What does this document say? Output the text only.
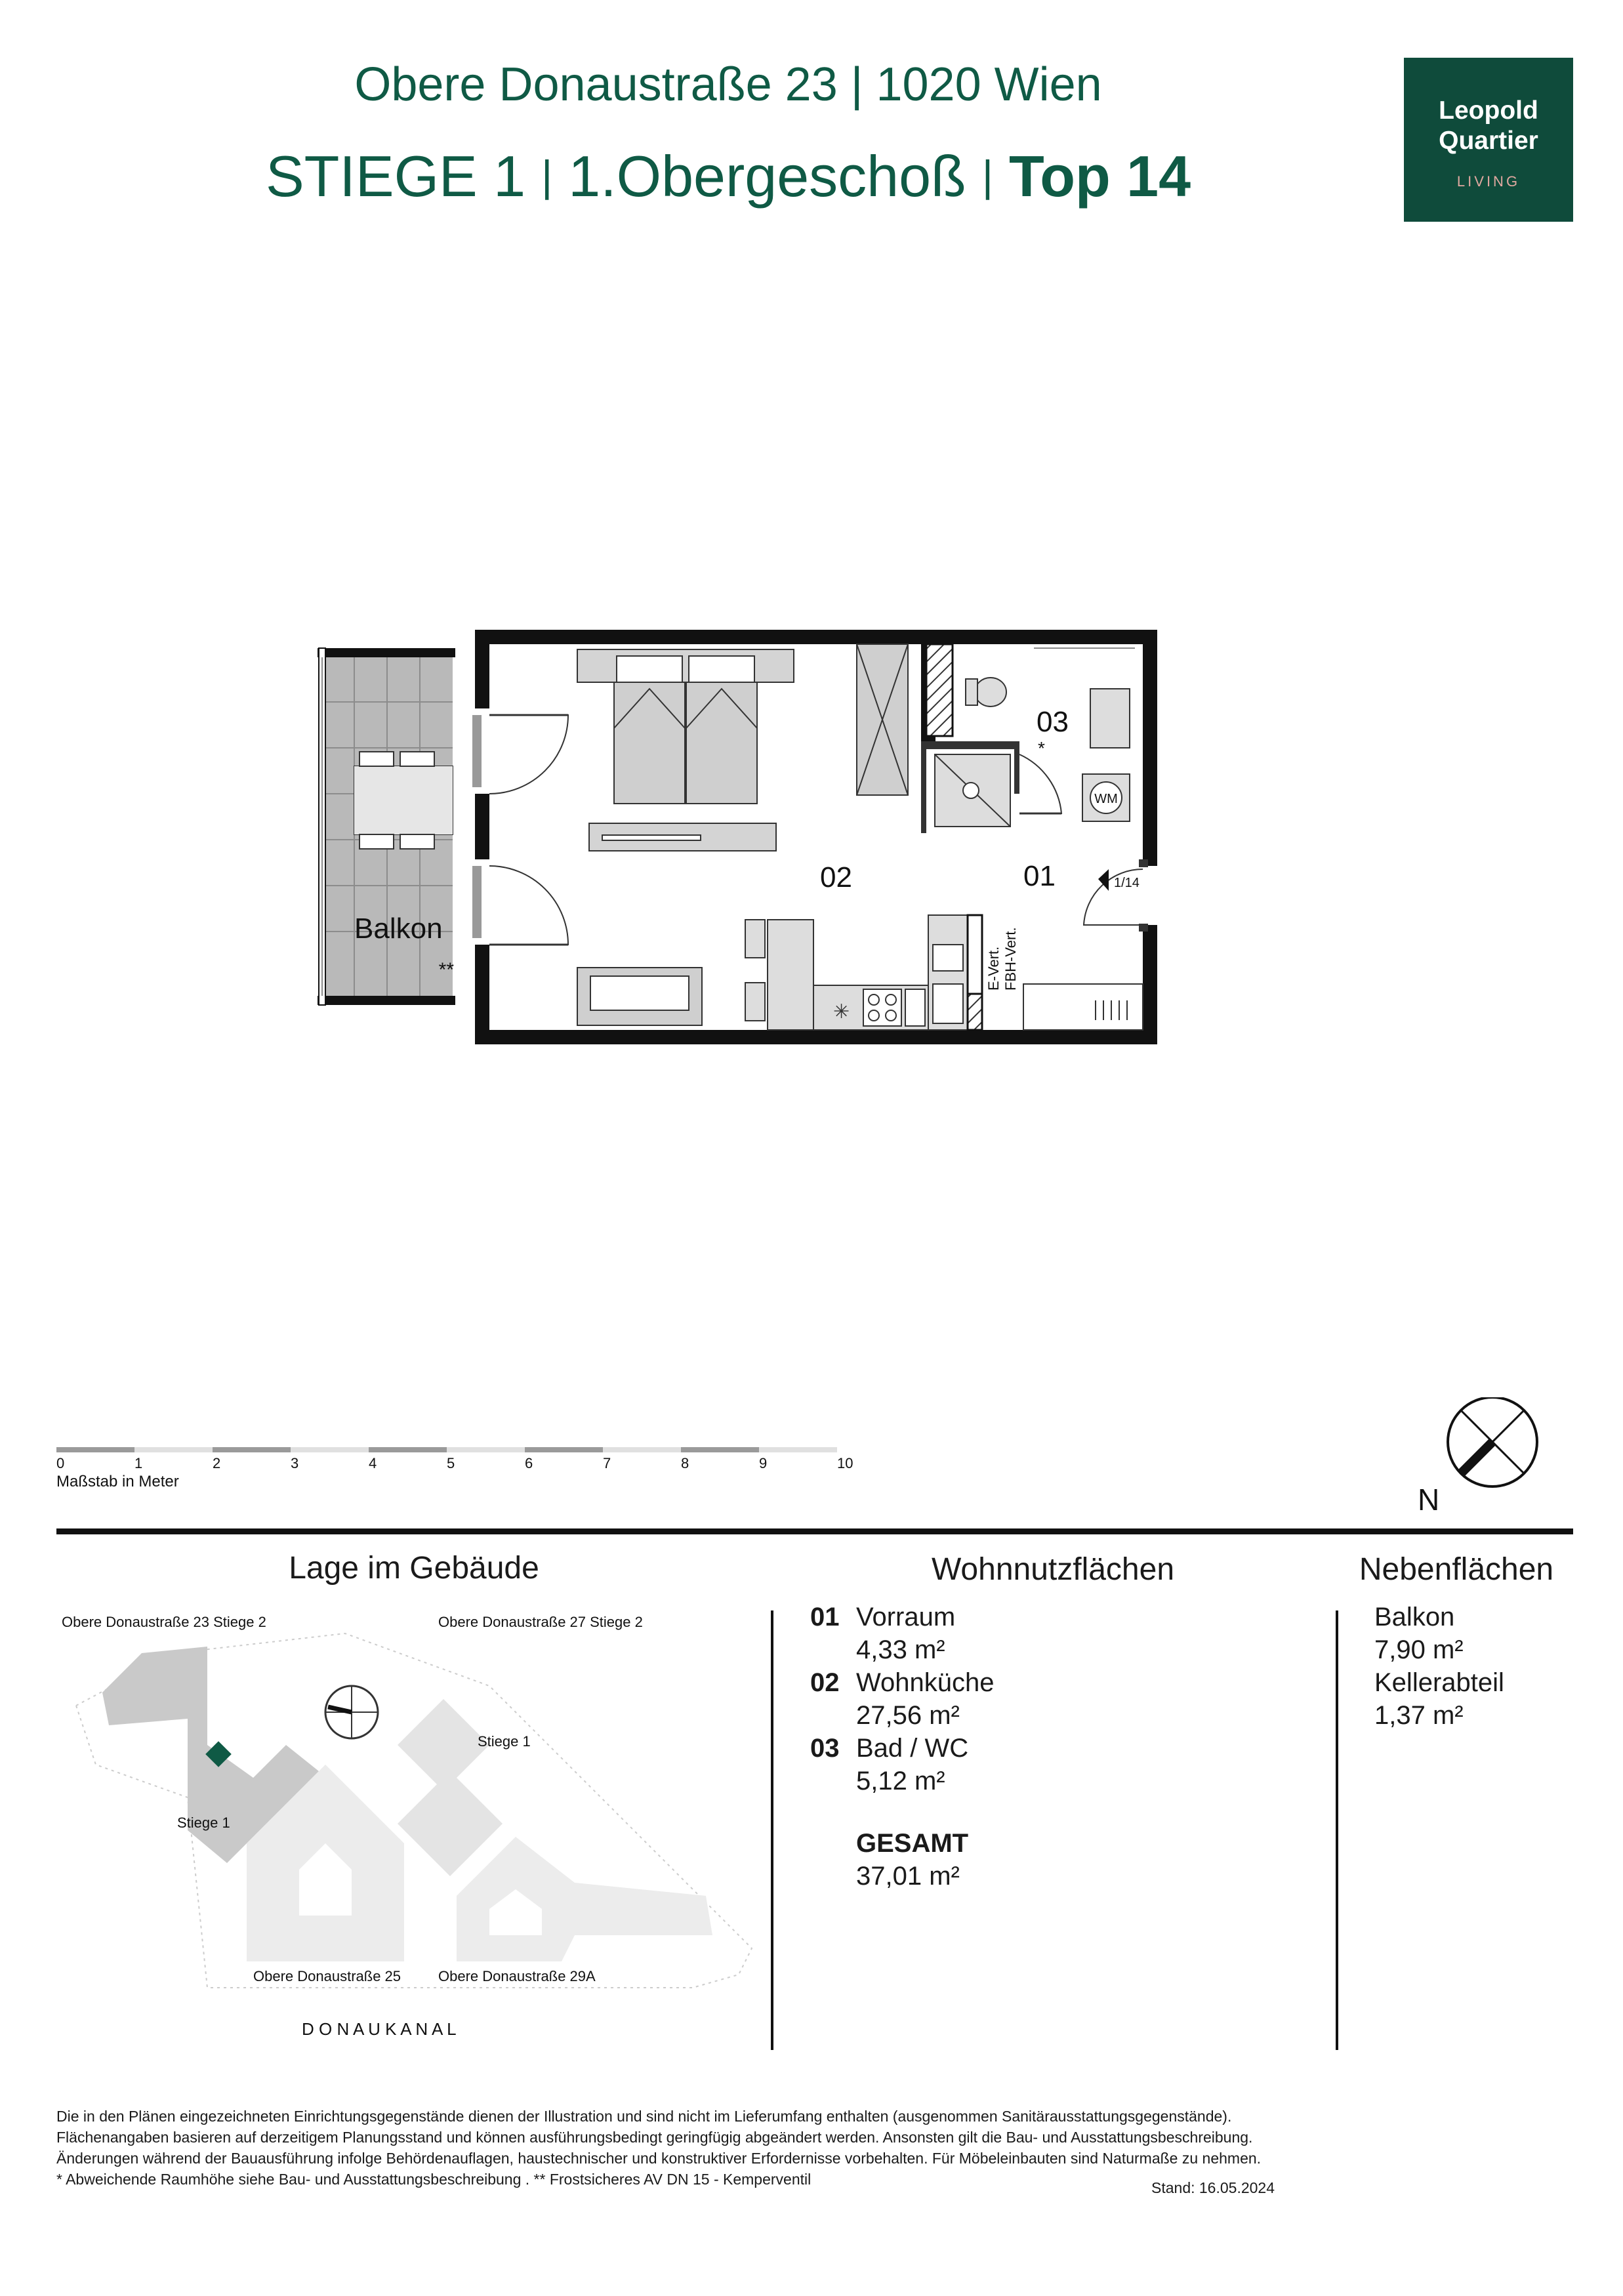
Obere Donaustraße 23 | 1020 Wien
STIEGE 1 | 1.Obergeschoß | Top 14
Leopold
Quartier
LIVING
Balkon
**
WM
03
*
1/14
02	01
✳
E-Vert. FBH-Vert.
0	1	2	3	4	5	6	7	8	9	10
Maßstab in Meter
N
Lage im Gebäude	Wohnnutzflächen	Nebenflächen
Obere Donaustraße 23 Stiege 2	Obere Donaustraße 27 Stiege 2
Stiege 1
Stiege 1
Obere Donaustraße 25	Obere Donaustraße 29A
D O N A U K A N A L
01 Vorraum
4,33 m²
02 Wohnküche
27,56 m²
03 Bad / WC
5,12 m²
GESAMT
37,01 m²
Balkon
7,90 m²
Kellerabteil
1,37 m²
Die in den Plänen eingezeichneten Einrichtungsgegenstände dienen der Illustration und sind nicht im Lieferumfang enthalten (ausgenommen Sanitärausstattungsgegenstände).
Flächenangaben basieren auf derzeitigem Planungsstand und können ausführungsbedingt geringfügig abgeändert werden. Ansonsten gilt die Bau- und Ausstattungsbeschreibung.
Änderungen während der Bauausführung infolge Behördenauflagen, haustechnischer und konstruktiver Erfordernisse vorbehalten. Für Möbeleinbauten sind Naturmaße zu nehmen.
* Abweichende Raumhöhe siehe Bau- und Ausstattungsbeschreibung . ** Frostsicheres AV DN 15 - Kemperventil	Stand: 16.05.2024
